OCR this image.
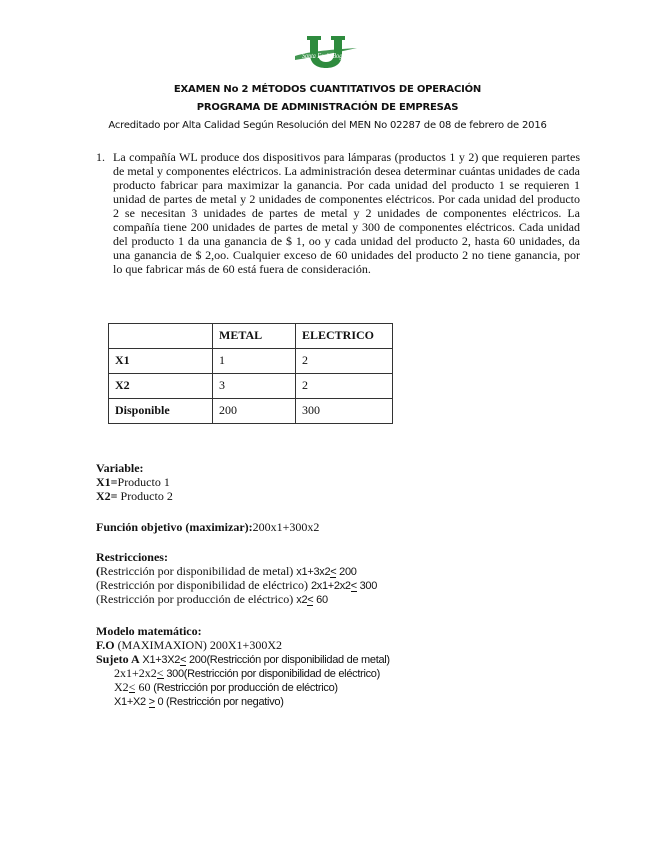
Santa Fe de Bogotá
EXAMEN No 2 MÉTODOS CUANTITATIVOS DE OPERACIÓN
PROGRAMA DE ADMINISTRACIÓN DE EMPRESAS
Acreditado por Alta Calidad Según Resolución del MEN No 02287 de 08 de febrero de 2016
1. La compañía WL produce dos dispositivos para lámparas (productos 1 y 2) que requieren partes de metal y componentes eléctricos. La administración desea determinar cuántas unidades de cada producto fabricar para maximizar la ganancia. Por cada unidad del producto 1 se requieren 1 unidad de partes de metal y 2 unidades de componentes eléctricos. Por cada unidad del producto 2 se necesitan 3 unidades de partes de metal y 2 unidades de componentes eléctricos. La compañía tiene 200 unidades de partes de metal y 300 de componentes eléctricos. Cada unidad del producto 1 da una ganancia de $ 1, oo y cada unidad del producto 2, hasta 60 unidades, da una ganancia de $ 2,oo. Cualquier exceso de 60 unidades del producto 2 no tiene ganancia, por lo que fabricar más de 60 está fuera de consideración.
	METAL	ELECTRICO
X1	1	2
X2	3	2
Disponible	200	300
Variable:
X1=Producto 1
X2= Producto 2
Función objetivo (maximizar):200x1+300x2
Restricciones:
(Restricción por disponibilidad de metal) x1+3x2< 200
(Restricción por disponibilidad de eléctrico) 2x1+2x2< 300
(Restricción por producción de eléctrico) x2< 60
Modelo matemático:
F.O (MAXIMAXION) 200X1+300X2
Sujeto A X1+3X2< 200(Restricción por disponibilidad de metal)
2x1+2x2< 300(Restricción por disponibilidad de eléctrico)
X2< 60 (Restricción por producción de eléctrico)
X1+X2 > 0 (Restricción por negativo)
